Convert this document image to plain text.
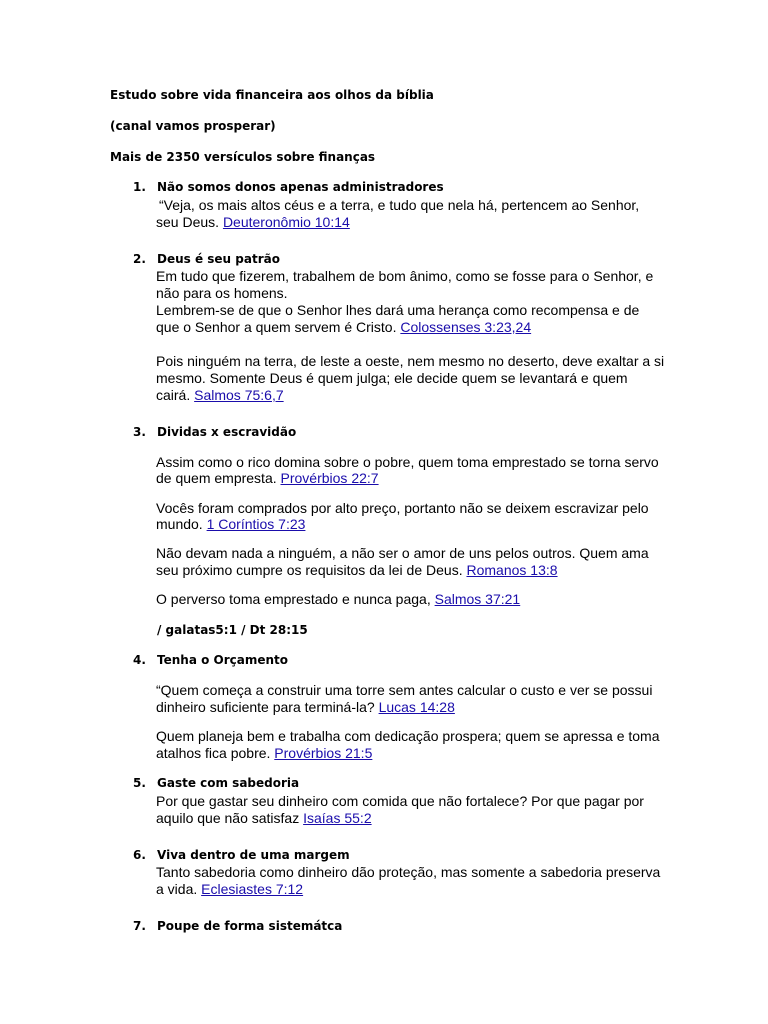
Estudo sobre vida financeira aos olhos da bíblia
(canal vamos prosperar)
Mais de 2350 versículos sobre finanças
1. Não somos donos apenas administradores
“Veja, os mais altos céus e a terra, e tudo que nela há, pertencem ao Senhor,
seu Deus. Deuteronômio 10:14
2. Deus é seu patrão
Em tudo que fizerem, trabalhem de bom ânimo, como se fosse para o Senhor, e
não para os homens.
Lembrem-se de que o Senhor lhes dará uma herança como recompensa e de
que o Senhor a quem servem é Cristo. Colossenses 3:23,24
Pois ninguém na terra, de leste a oeste, nem mesmo no deserto, deve exaltar a si
mesmo. Somente Deus é quem julga; ele decide quem se levantará e quem
cairá. Salmos 75:6,7
3. Dividas x escravidão
Assim como o rico domina sobre o pobre, quem toma emprestado se torna servo
de quem empresta. Provérbios 22:7
Vocês foram comprados por alto preço, portanto não se deixem escravizar pelo
mundo. 1 Coríntios 7:23
Não devam nada a ninguém, a não ser o amor de uns pelos outros. Quem ama
seu próximo cumpre os requisitos da lei de Deus. Romanos 13:8
O perverso toma emprestado e nunca paga, Salmos 37:21
/ galatas5:1 / Dt 28:15
4. Tenha o Orçamento
“Quem começa a construir uma torre sem antes calcular o custo e ver se possui
dinheiro suficiente para terminá-la? Lucas 14:28
Quem planeja bem e trabalha com dedicação prospera; quem se apressa e toma
atalhos fica pobre. Provérbios 21:5
5. Gaste com sabedoria
Por que gastar seu dinheiro com comida que não fortalece? Por que pagar por
aquilo que não satisfaz Isaías 55:2
6. Viva dentro de uma margem
Tanto sabedoria como dinheiro dão proteção, mas somente a sabedoria preserva
a vida. Eclesiastes 7:12
7. Poupe de forma sistemátca
